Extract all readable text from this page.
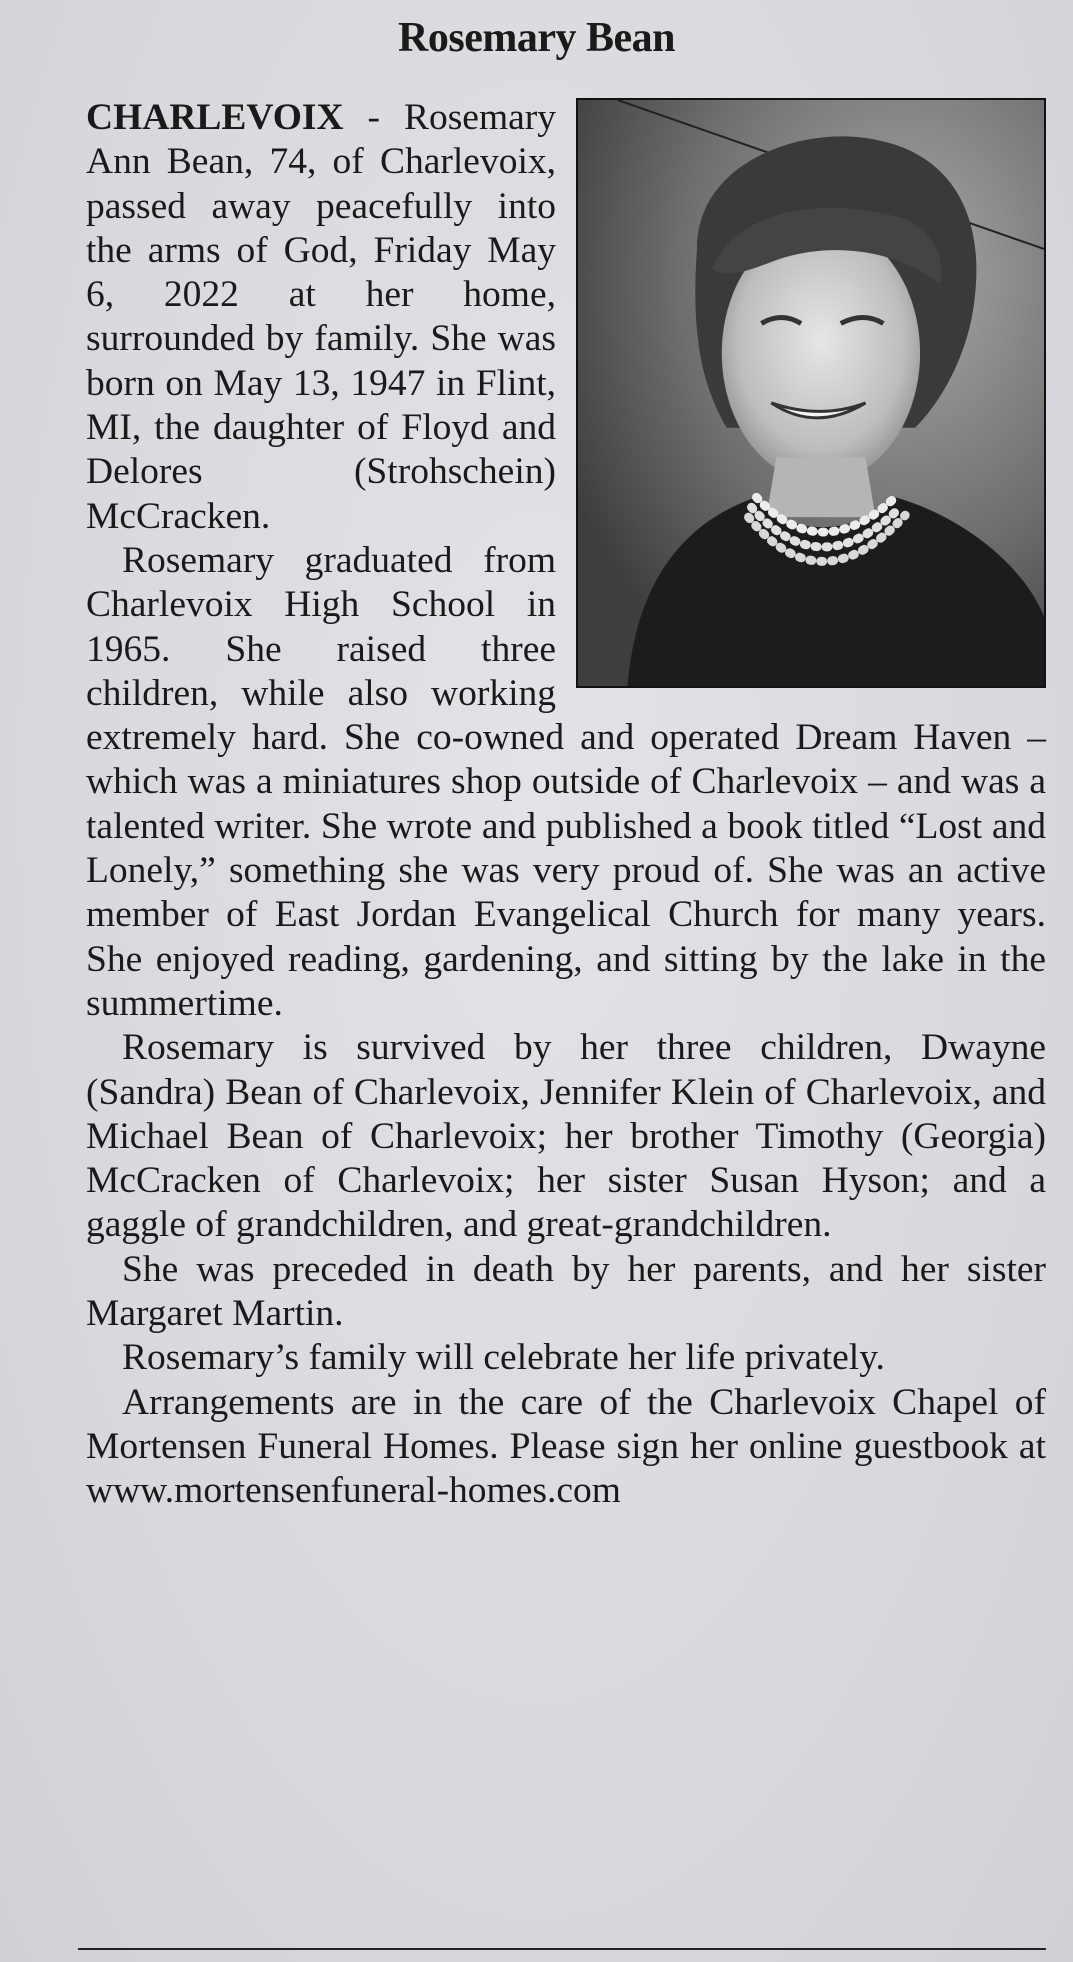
Rosemary Bean

CHARLEVOIX - Rosemary Ann Bean, 74, of Charlevoix, passed away peacefully into the arms of God, Friday May 6, 2022 at her home, surrounded by family. She was born on May 13, 1947 in Flint, MI, the daughter of Floyd and Delores (Strohschein) McCracken.

Rosemary graduated from Charlevoix High School in 1965. She raised three children, while also working extremely hard. She co-owned and operated Dream Haven – which was a miniatures shop outside of Charlevoix – and was a talented writer. She wrote and published a book titled “Lost and Lonely,” something she was very proud of. She was an active member of East Jordan Evangelical Church for many years. She enjoyed reading, gardening, and sitting by the lake in the summertime.

Rosemary is survived by her three children, Dwayne (Sandra) Bean of Charlevoix, Jennifer Klein of Charlevoix, and Michael Bean of Charlevoix; her brother Timothy (Georgia) McCracken of Charlevoix; her sister Susan Hyson; and a gaggle of grandchildren, and great-grandchildren.

She was preceded in death by her parents, and her sister Margaret Martin.

Rosemary’s family will celebrate her life privately.

Arrangements are in the care of the Charlevoix Chapel of Mortensen Funeral Homes. Please sign her online guestbook at www.mortensenfuneral-homes.com
